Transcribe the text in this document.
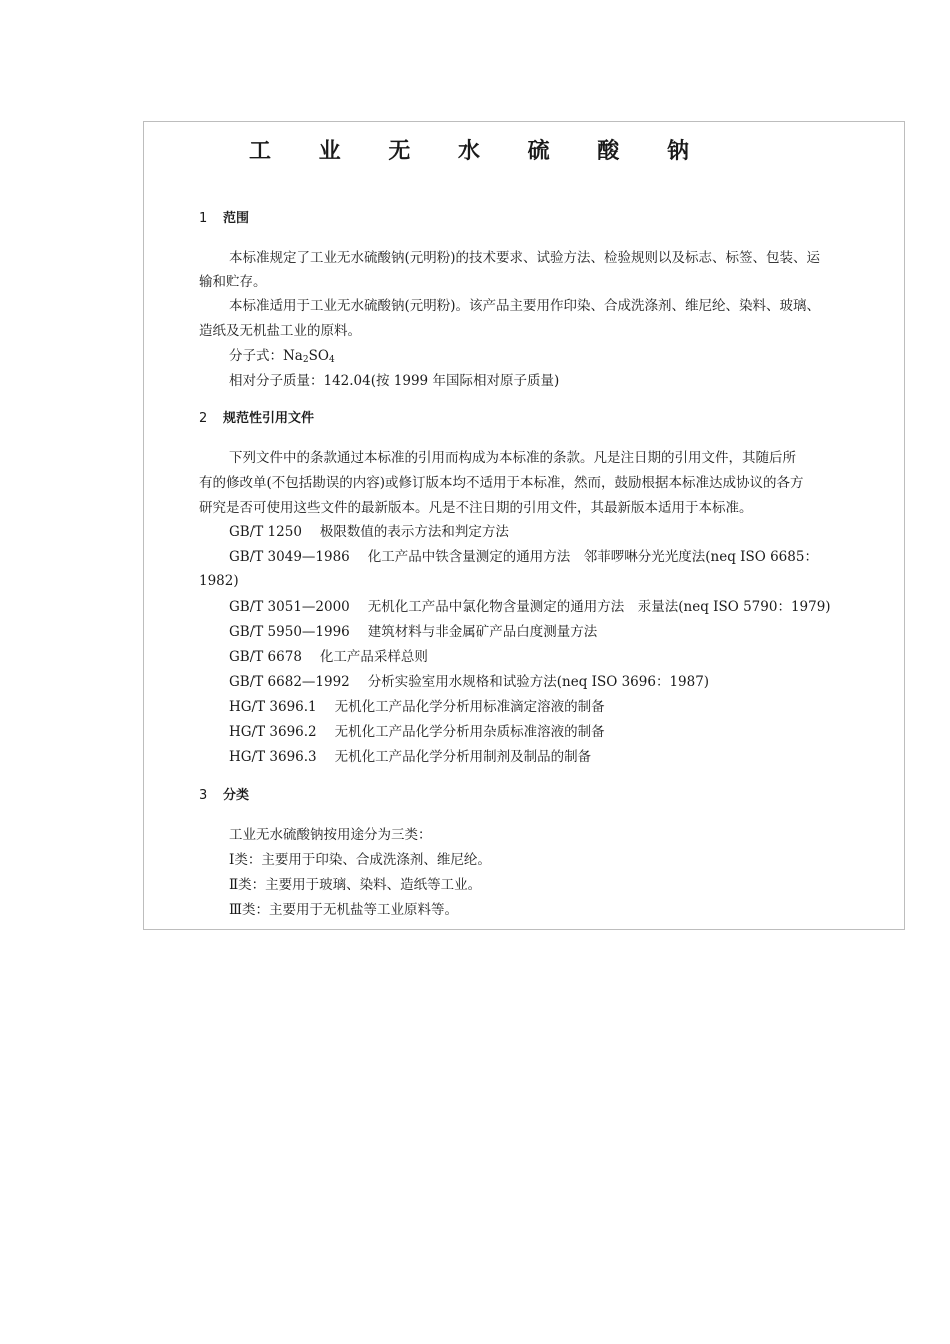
工 业 无 水 硫 酸 钠
1 范围
本标准规定了工业无水硫酸钠(元明粉)的技术要求、试验方法、检验规则以及标志、标签、包装、运
输和贮存。
本标准适用于工业无水硫酸钠(元明粉)。该产品主要用作印染、合成洗涤剂、维尼纶、染料、玻璃、
造纸及无机盐工业的原料。
分子式：$Na_2SO_4$
相对分子质量：142.04(按 1999 年国际相对原子质量)
2 规范性引用文件
下列文件中的条款通过本标准的引用而构成为本标准的条款。凡是注日期的引用文件，其随后所
有的修改单(不包括勘误的内容)或修订版本均不适用于本标准，然而，鼓励根据本标准达成协议的各方
研究是否可使用这些文件的最新版本。凡是不注日期的引用文件，其最新版本适用于本标准。
GB/T 1250 极限数值的表示方法和判定方法
GB/T 3049—1986 化工产品中铁含量测定的通用方法　邻菲啰啉分光光度法(neq ISO 6685：
1982)
GB/T 3051—2000 无机化工产品中氯化物含量测定的通用方法　汞量法(neq ISO 5790：1979)
GB/T 5950—1996 建筑材料与非金属矿产品白度测量方法
GB/T 6678 化工产品采样总则
GB/T 6682—1992 分析实验室用水规格和试验方法(neq ISO 3696：1987)
HG/T 3696.1 无机化工产品化学分析用标准滴定溶液的制备
HG/T 3696.2 无机化工产品化学分析用杂质标准溶液的制备
HG/T 3696.3 无机化工产品化学分析用制剂及制品的制备
3 分类
工业无水硫酸钠按用途分为三类：
Ⅰ类：主要用于印染、合成洗涤剂、维尼纶。
Ⅱ类：主要用于玻璃、染料、造纸等工业。
Ⅲ类：主要用于无机盐等工业原料等。
